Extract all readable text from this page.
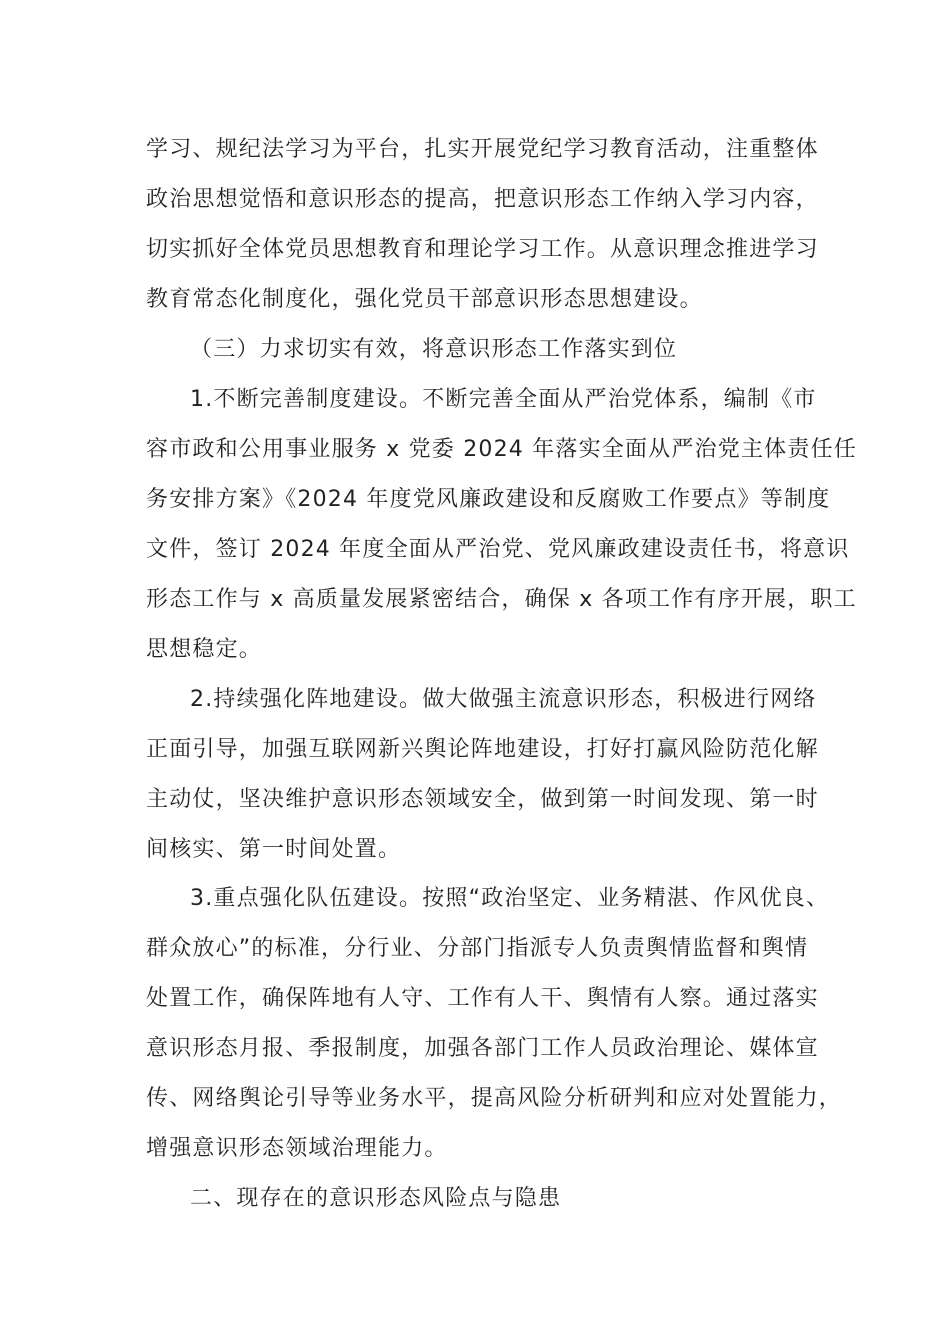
学习、规纪法学习为平台，扎实开展党纪学习教育活动，注重整体
政治思想觉悟和意识形态的提高，把意识形态工作纳入学习内容，
切实抓好全体党员思想教育和理论学习工作。从意识理念推进学习
教育常态化制度化，强化党员干部意识形态思想建设。
（三）力求切实有效，将意识形态工作落实到位
1.不断完善制度建设。不断完善全面从严治党体系，编制《市
容市政和公用事业服务 x 党委 2024 年落实全面从严治党主体责任任
务安排方案》《2024 年度党风廉政建设和反腐败工作要点》等制度
文件，签订 2024 年度全面从严治党、党风廉政建设责任书，将意识
形态工作与 x 高质量发展紧密结合，确保 x 各项工作有序开展，职工
思想稳定。
2.持续强化阵地建设。做大做强主流意识形态，积极进行网络
正面引导，加强互联网新兴舆论阵地建设，打好打赢风险防范化解
主动仗，坚决维护意识形态领域安全，做到第一时间发现、第一时
间核实、第一时间处置。
3.重点强化队伍建设。按照“政治坚定、业务精湛、作风优良、
群众放心”的标准，分行业、分部门指派专人负责舆情监督和舆情
处置工作，确保阵地有人守、工作有人干、舆情有人察。通过落实
意识形态月报、季报制度，加强各部门工作人员政治理论、媒体宣
传、网络舆论引导等业务水平，提高风险分析研判和应对处置能力，
增强意识形态领域治理能力。
二、现存在的意识形态风险点与隐患
